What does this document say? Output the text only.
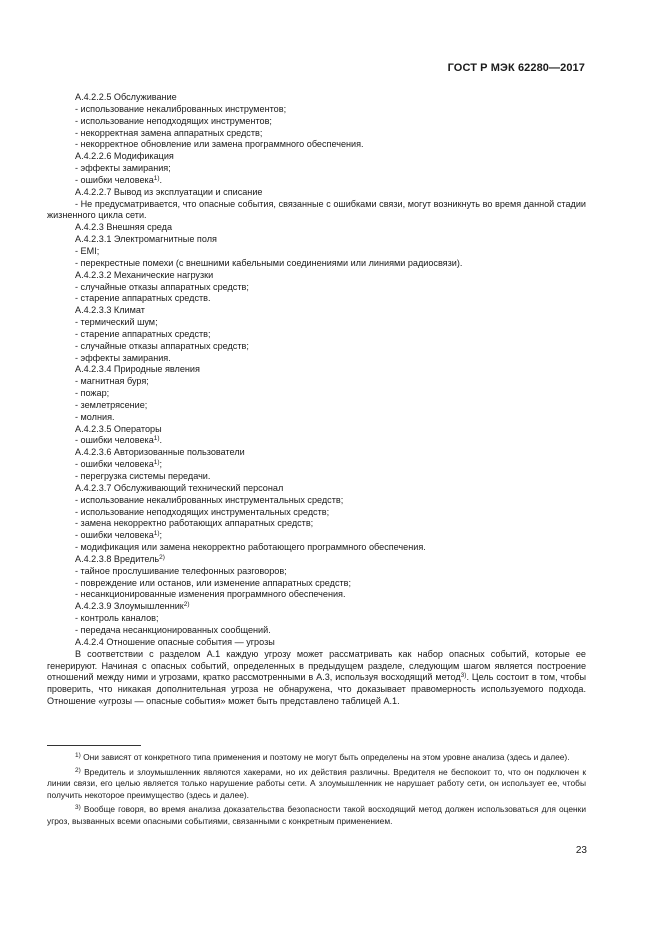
ГОСТ Р МЭК 62280—2017
А.4.2.2.5 Обслуживание
- использование некалиброванных инструментов;
- использование неподходящих инструментов;
- некорректная замена аппаратных средств;
- некорректное обновление или замена программного обеспечения.
А.4.2.2.6 Модификация
- эффекты замирания;
- ошибки человека$^{1)}$.
А.4.2.2.7 Вывод из эксплуатации и списание
- Не предусматривается, что опасные события, связанные с ошибками связи, могут возникнуть во время данной стадии жизненного цикла сети.
А.4.2.3 Внешняя среда
А.4.2.3.1 Электромагнитные поля
- EMI;
- перекрестные помехи (с внешними кабельными соединениями или линиями радиосвязи).
А.4.2.3.2 Механические нагрузки
- случайные отказы аппаратных средств;
- старение аппаратных средств.
А.4.2.3.3 Климат
- термический шум;
- старение аппаратных средств;
- случайные отказы аппаратных средств;
- эффекты замирания.
А.4.2.3.4 Природные явления
- магнитная буря;
- пожар;
- землетрясение;
- молния.
А.4.2.3.5 Операторы
- ошибки человека$^{1)}$.
А.4.2.3.6 Авторизованные пользователи
- ошибки человека$^{1)}$;
- перегрузка системы передачи.
А.4.2.3.7 Обслуживающий технический персонал
- использование некалиброванных инструментальных средств;
- использование неподходящих инструментальных средств;
- замена некорректно работающих аппаратных средств;
- ошибки человека$^{1)}$;
- модификация или замена некорректно работающего программного обеспечения.
А.4.2.3.8 Вредитель$^{2)}$
- тайное прослушивание телефонных разговоров;
- повреждение или останов, или изменение аппаратных средств;
- несанкционированные изменения программного обеспечения.
А.4.2.3.9 Злоумышленник$^{2)}$
- контроль каналов;
- передача несанкционированных сообщений.
А.4.2.4 Отношение опасные события — угрозы
В соответствии с разделом А.1 каждую угрозу может рассматривать как набор опасных событий, которые ее генерируют. Начиная с опасных событий, определенных в предыдущем разделе, следующим шагом является построение отношений между ними и угрозами, кратко рассмотренными в А.3, используя восходящий метод$^{3)}$. Цель состоит в том, чтобы проверить, что никакая дополнительная угроза не обнаружена, что доказывает правомерность используемого подхода. Отношение «угрозы — опасные события» может быть представлено таблицей А.1.
$^{1)}$ Они зависят от конкретного типа применения и поэтому не могут быть определены на этом уровне анализа (здесь и далее).
$^{2)}$ Вредитель и злоумышленник являются хакерами, но их действия различны. Вредителя не беспокоит то, что он подключен к линии связи, его целью является только нарушение работы сети. А злоумышленник не нарушает работу сети, он использует ее, чтобы получить некоторое преимущество (здесь и далее).
$^{3)}$ Вообще говоря, во время анализа доказательства безопасности такой восходящий метод должен использоваться для оценки угроз, вызванных всеми опасными событиями, связанными с конкретным применением.
23
